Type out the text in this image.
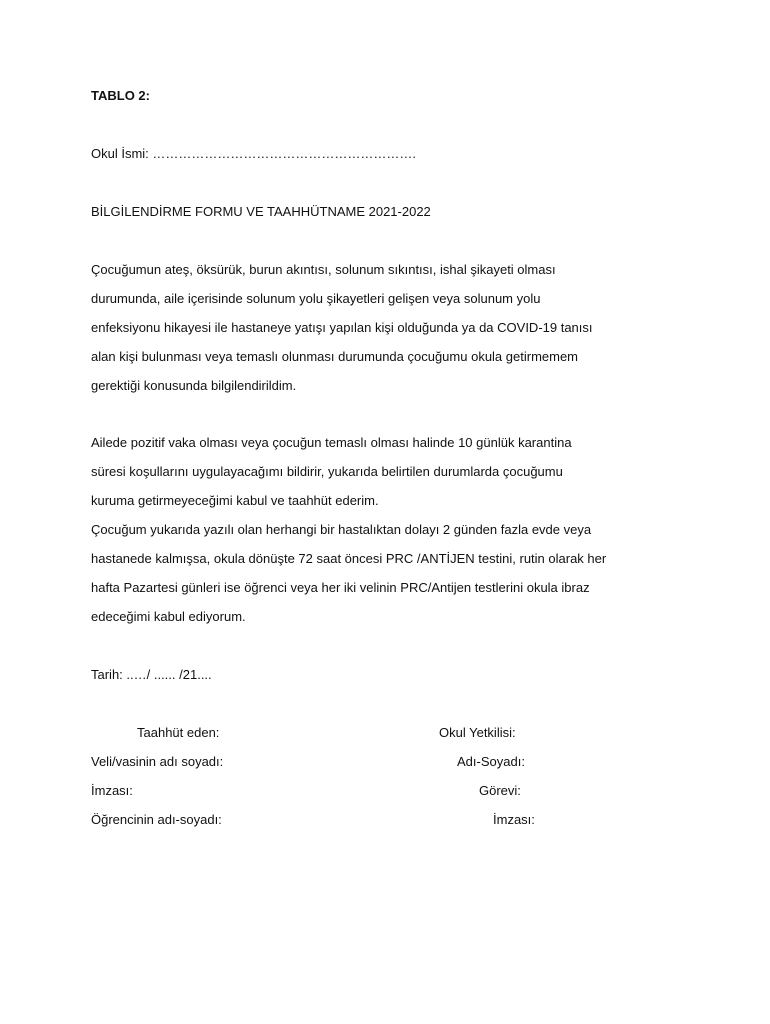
TABLO 2:
Okul İsmi: …………………………………………………….
BİLGİLENDİRME FORMU VE TAAHHÜTNAME 2021-2022
Çocuğumun ateş, öksürük, burun akıntısı, solunum sıkıntısı, ishal şikayeti olması
durumunda, aile içerisinde solunum yolu şikayetleri gelişen veya solunum yolu
enfeksiyonu hikayesi ile hastaneye yatışı yapılan kişi olduğunda ya da COVID-19 tanısı
alan kişi bulunması veya temaslı olunması durumunda çocuğumu okula getirmemem
gerektiği konusunda bilgilendirildim.
Ailede pozitif vaka olması veya çocuğun temaslı olması halinde 10 günlük karantina
süresi koşullarını uygulayacağımı bildirir, yukarıda belirtilen durumlarda çocuğumu
kuruma getirmeyeceğimi kabul ve taahhüt ederim.
Çocuğum yukarıda yazılı olan herhangi bir hastalıktan dolayı 2 günden fazla evde veya
hastanede kalmışsa, okula dönüşte 72 saat öncesi PRC /ANTİJEN testini, rutin olarak her
hafta Pazartesi günleri ise öğrenci veya her iki velinin PRC/Antijen testlerini okula ibraz
edeceğimi kabul ediyorum.
Tarih: ..…/ ...... /21....
Taahhüt eden:
Veli/vasinin adı soyadı:
İmzası:
Öğrencinin adı-soyadı:
Okul Yetkilisi:
Adı-Soyadı:
Görevi:
İmzası:
